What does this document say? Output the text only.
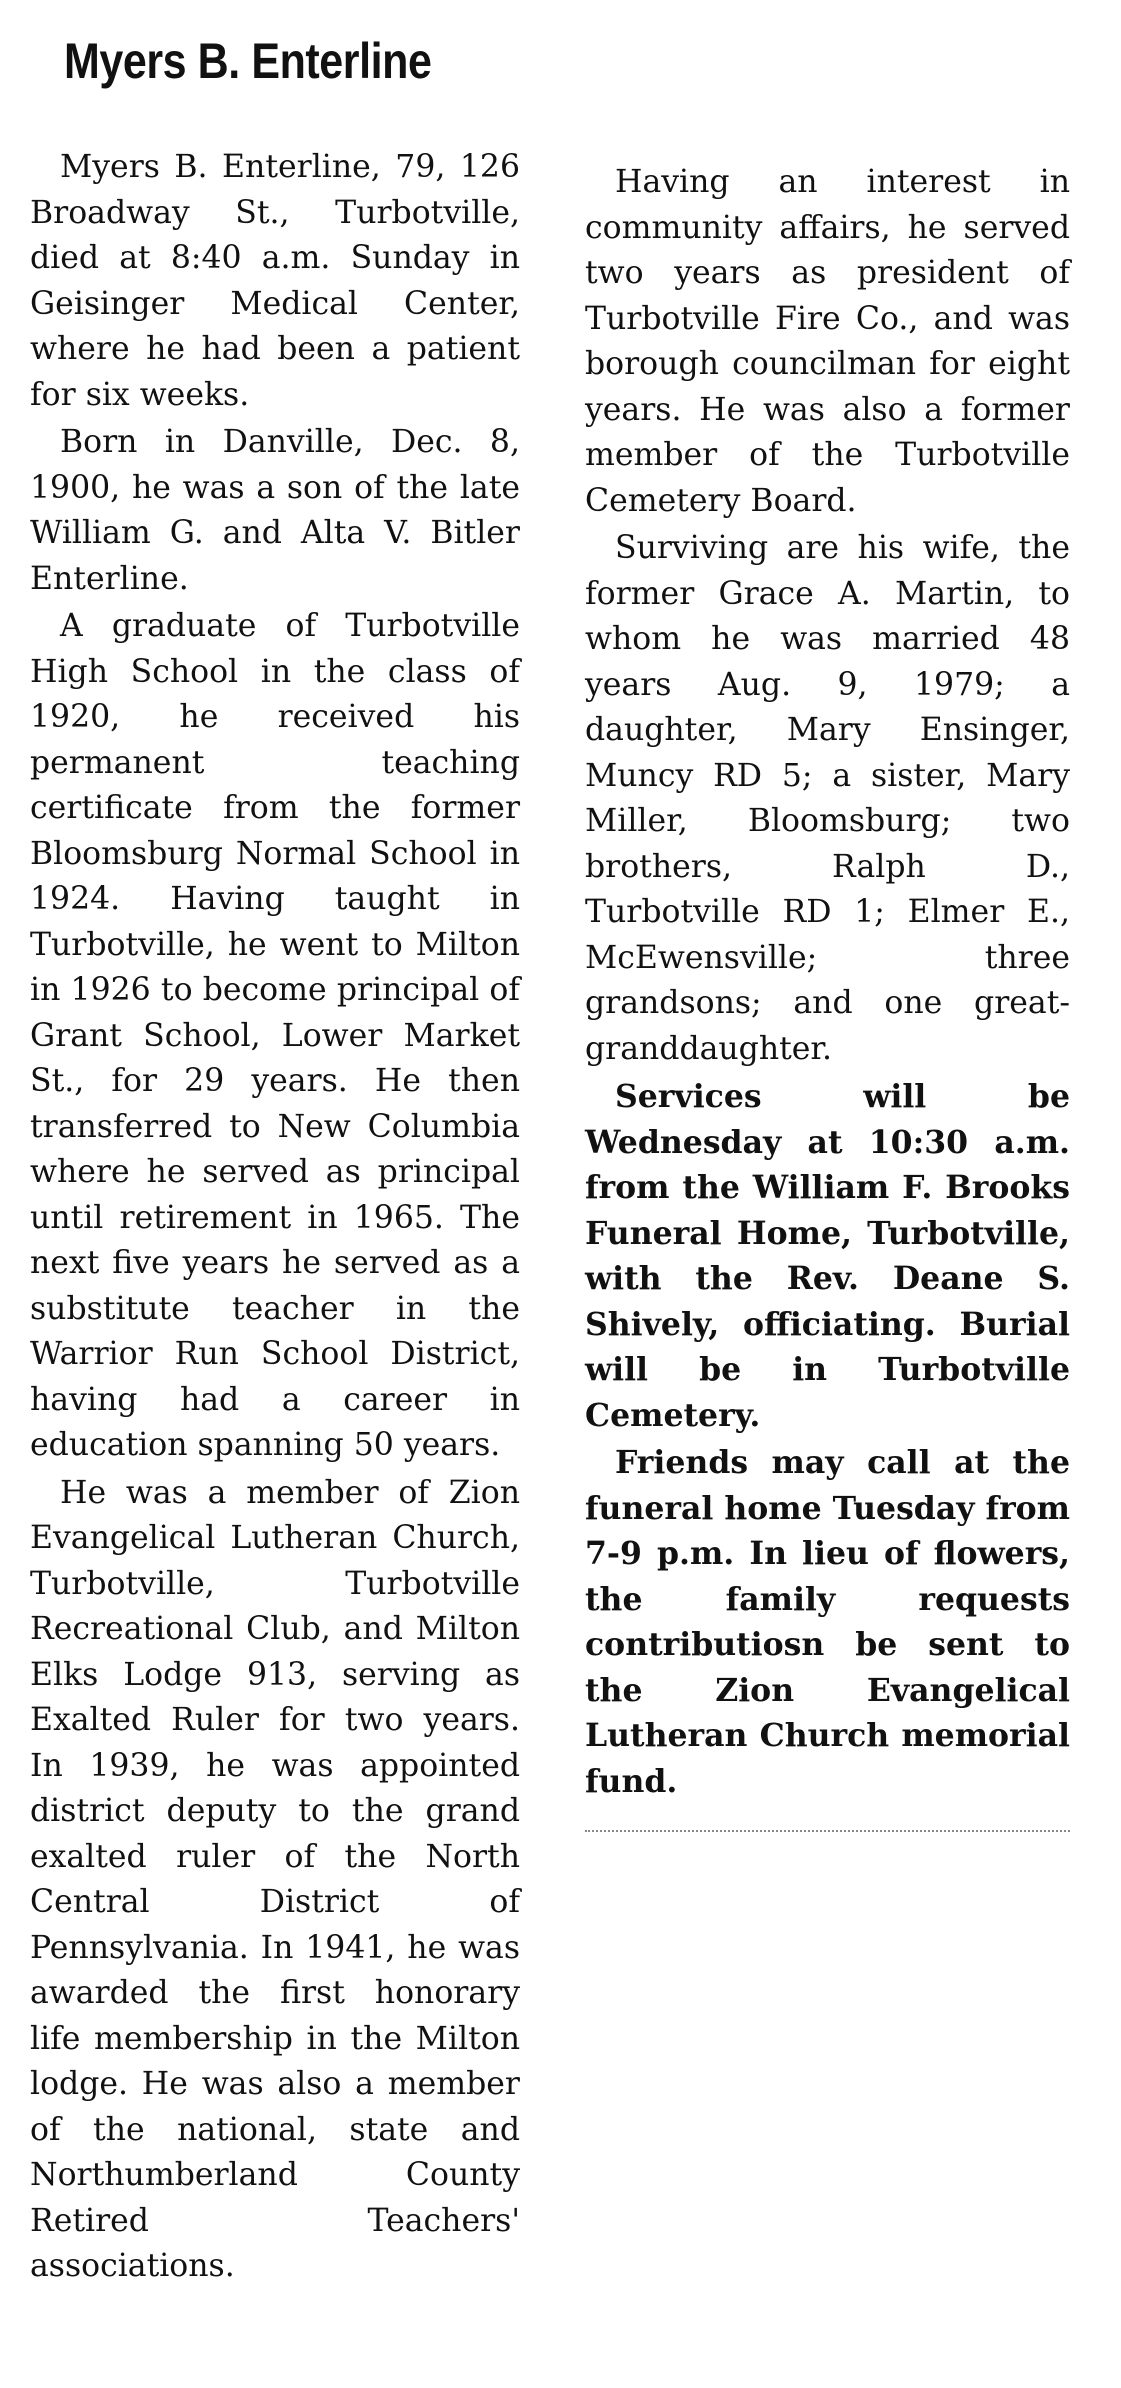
Myers B. Enterline

Myers B. Enterline, 79, 126 Broadway St., Turbotville, died at 8:40 a.m. Sunday in Geisinger Medical Center, where he had been a patient for six weeks.

Born in Danville, Dec. 8, 1900, he was a son of the late William G. and Alta V. Bitler Enterline.

A graduate of Turbotville High School in the class of 1920, he received his permanent teaching certificate from the former Bloomsburg Normal School in 1924. Having taught in Turbotville, he went to Milton in 1926 to become principal of Grant School, Lower Market St., for 29 years. He then transferred to New Columbia where he served as principal until retirement in 1965. The next five years he served as a substitute teacher in the Warrior Run School District, having had a career in education spanning 50 years.

He was a member of Zion Evangelical Lutheran Church, Turbotville, Turbotville Recreational Club, and Milton Elks Lodge 913, serving as Exalted Ruler for two years. In 1939, he was appointed district deputy to the grand exalted ruler of the North Central District of Pennsylvania. In 1941, he was awarded the first honorary life membership in the Milton lodge. He was also a member of the national, state and Northumberland County Retired Teachers' associations.

Having an interest in community affairs, he served two years as president of Turbotville Fire Co., and was borough councilman for eight years. He was also a former member of the Turbotville Cemetery Board.

Surviving are his wife, the former Grace A. Martin, to whom he was married 48 years Aug. 9, 1979; a daughter, Mary Ensinger, Muncy RD 5; a sister, Mary Miller, Bloomsburg; two brothers, Ralph D., Turbotville RD 1; Elmer E., McEwensville; three grandsons; and one great-granddaughter.

Services will be Wednesday at 10:30 a.m. from the William F. Brooks Funeral Home, Turbotville, with the Rev. Deane S. Shively, officiating. Burial will be in Turbotville Cemetery.

Friends may call at the funeral home Tuesday from 7-9 p.m. In lieu of flowers, the family requests contributiosn be sent to the Zion Evangelical Lutheran Church memorial fund.
